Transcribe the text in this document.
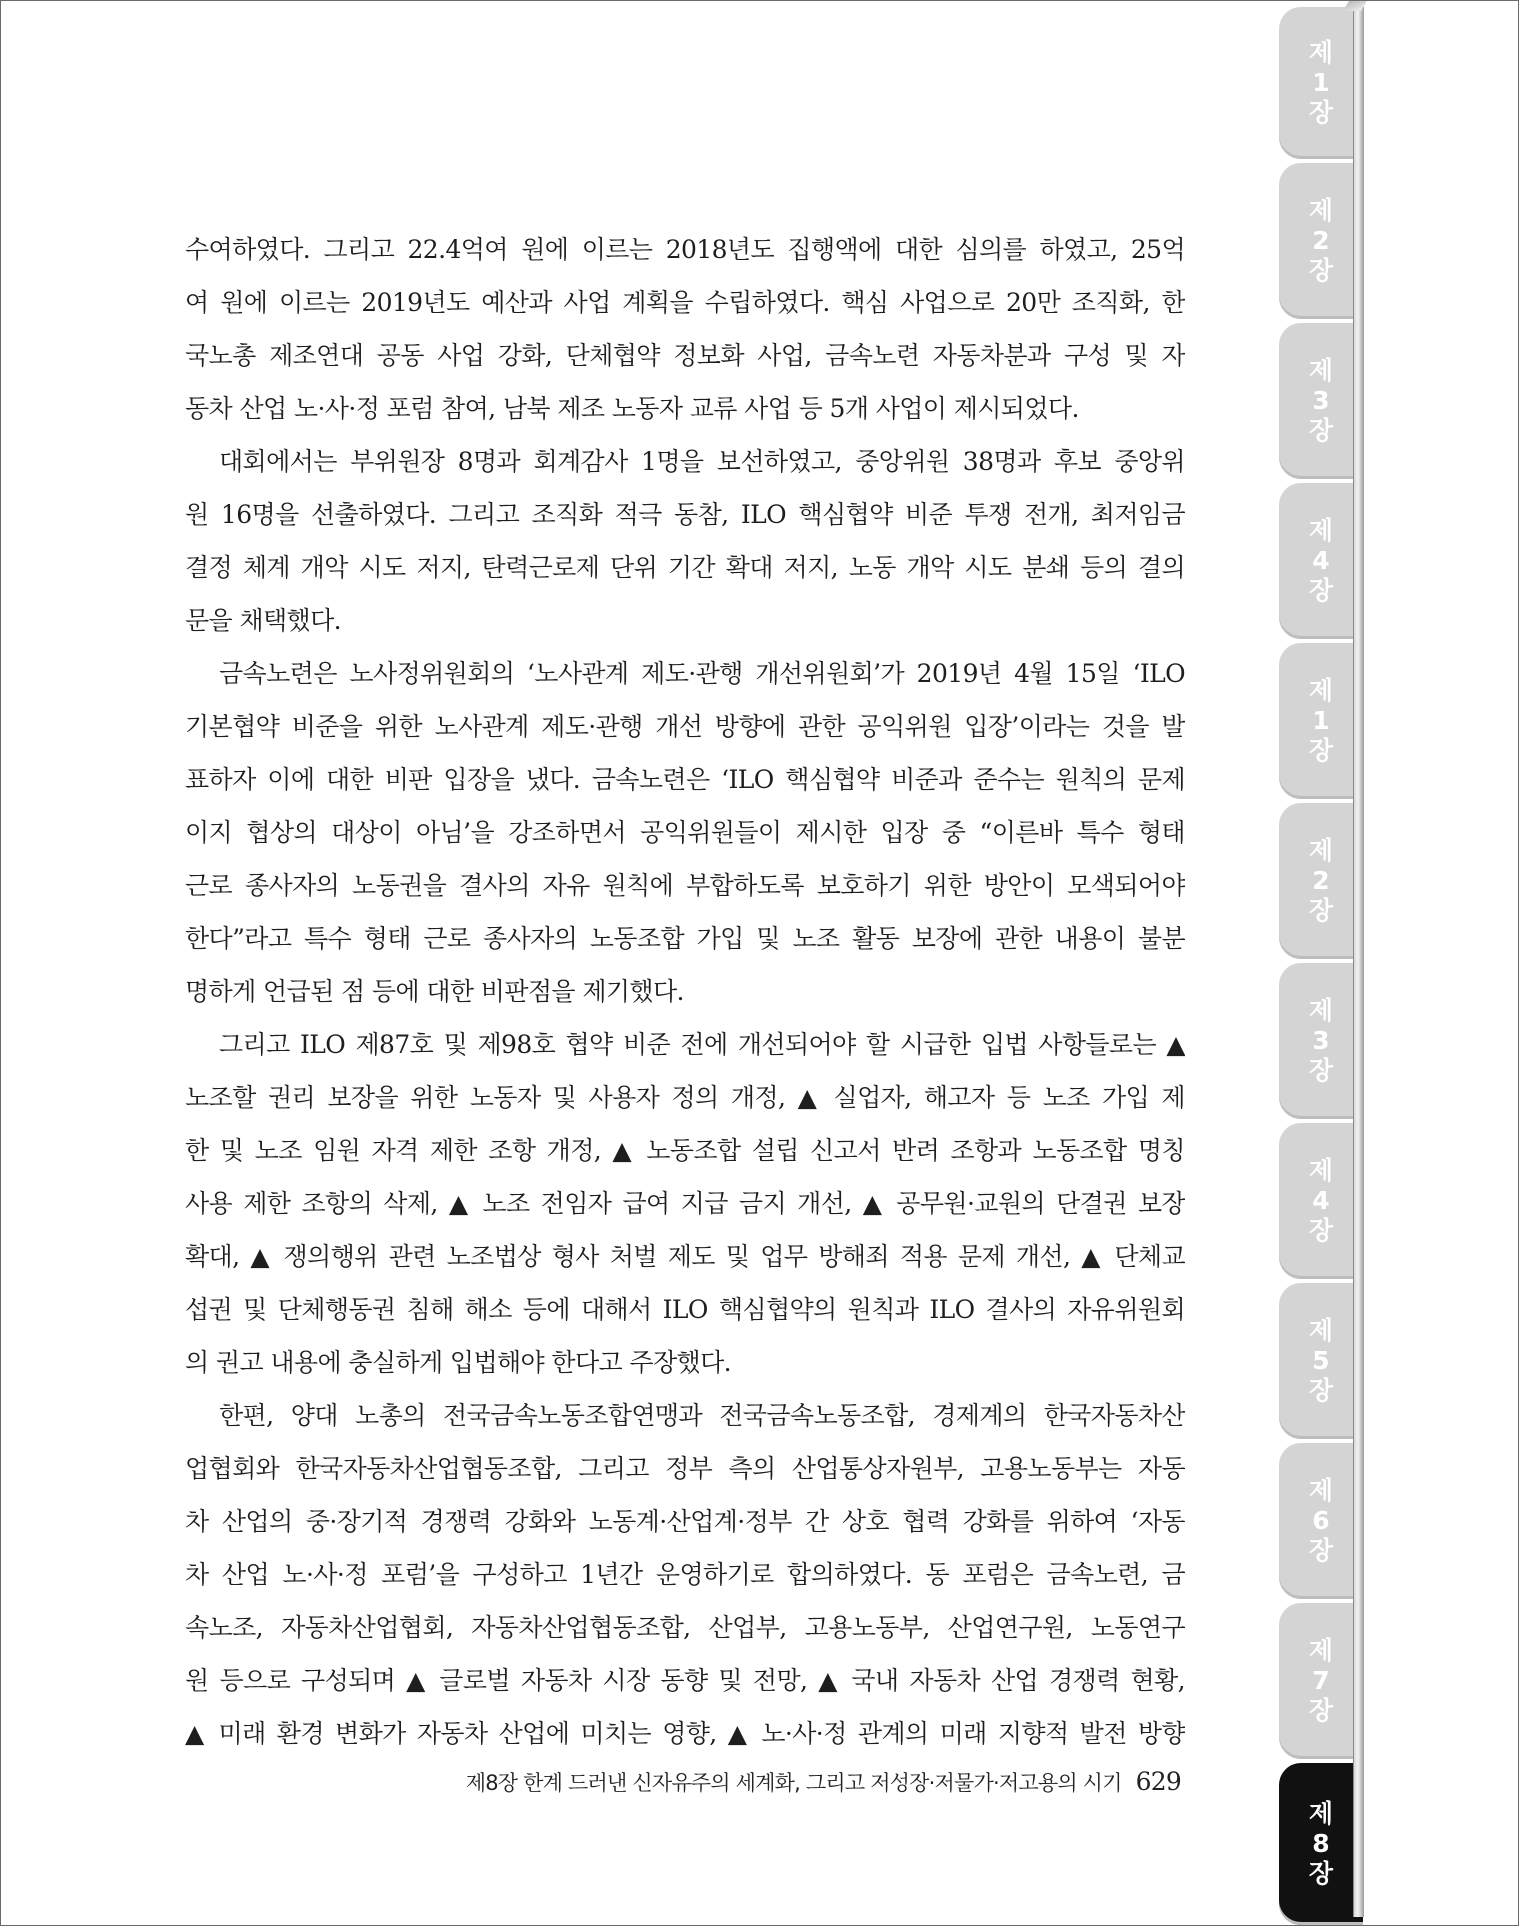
수여하였다. 그리고 22.4억여 원에 이르는 2018년도 집행액에 대한 심의를 하였고, 25억
여 원에 이르는 2019년도 예산과 사업 계획을 수립하였다. 핵심 사업으로 20만 조직화, 한
국노총 제조연대 공동 사업 강화, 단체협약 정보화 사업, 금속노련 자동차분과 구성 및 자
동차 산업 노·사·정 포럼 참여, 남북 제조 노동자 교류 사업 등 5개 사업이 제시되었다.
대회에서는 부위원장 8명과 회계감사 1명을 보선하였고, 중앙위원 38명과 후보 중앙위
원 16명을 선출하였다. 그리고 조직화 적극 동참, ILO 핵심협약 비준 투쟁 전개, 최저임금
결정 체계 개악 시도 저지, 탄력근로제 단위 기간 확대 저지, 노동 개악 시도 분쇄 등의 결의
문을 채택했다.
금속노련은 노사정위원회의 ‘노사관계 제도·관행 개선위원회’가 2019년 4월 15일 ‘ILO
기본협약 비준을 위한 노사관계 제도·관행 개선 방향에 관한 공익위원 입장’이라는 것을 발
표하자 이에 대한 비판 입장을 냈다. 금속노련은 ‘ILO 핵심협약 비준과 준수는 원칙의 문제
이지 협상의 대상이 아님’을 강조하면서 공익위원들이 제시한 입장 중 “이른바 특수 형태
근로 종사자의 노동권을 결사의 자유 원칙에 부합하도록 보호하기 위한 방안이 모색되어야
한다”라고 특수 형태 근로 종사자의 노동조합 가입 및 노조 활동 보장에 관한 내용이 불분
명하게 언급된 점 등에 대한 비판점을 제기했다.
그리고 ILO 제87호 및 제98호 협약 비준 전에 개선되어야 할 시급한 입법 사항들로는 ▲
노조할 권리 보장을 위한 노동자 및 사용자 정의 개정, ▲ 실업자, 해고자 등 노조 가입 제
한 및 노조 임원 자격 제한 조항 개정, ▲ 노동조합 설립 신고서 반려 조항과 노동조합 명칭
사용 제한 조항의 삭제, ▲ 노조 전임자 급여 지급 금지 개선, ▲ 공무원·교원의 단결권 보장
확대, ▲ 쟁의행위 관련 노조법상 형사 처벌 제도 및 업무 방해죄 적용 문제 개선, ▲ 단체교
섭권 및 단체행동권 침해 해소 등에 대해서 ILO 핵심협약의 원칙과 ILO 결사의 자유위원회
의 권고 내용에 충실하게 입법해야 한다고 주장했다.
한편, 양대 노총의 전국금속노동조합연맹과 전국금속노동조합, 경제계의 한국자동차산
업협회와 한국자동차산업협동조합, 그리고 정부 측의 산업통상자원부, 고용노동부는 자동
차 산업의 중·장기적 경쟁력 강화와 노동계·산업계·정부 간 상호 협력 강화를 위하여 ‘자동
차 산업 노·사·정 포럼’을 구성하고 1년간 운영하기로 합의하였다. 동 포럼은 금속노련, 금
속노조, 자동차산업협회, 자동차산업협동조합, 산업부, 고용노동부, 산업연구원, 노동연구
원 등으로 구성되며 ▲ 글로벌 자동차 시장 동향 및 전망, ▲ 국내 자동차 산업 경쟁력 현황,
▲ 미래 환경 변화가 자동차 산업에 미치는 영향, ▲ 노·사·정 관계의 미래 지향적 발전 방향
제8장 한계 드러낸 신자유주의 세계화, 그리고 저성장·저물가·저고용의 시기 629
제
1
장
제
2
장
제
3
장
제
4
장
제
1
장
제
2
장
제
3
장
제
4
장
제
5
장
제
6
장
제
7
장
제
8
장
